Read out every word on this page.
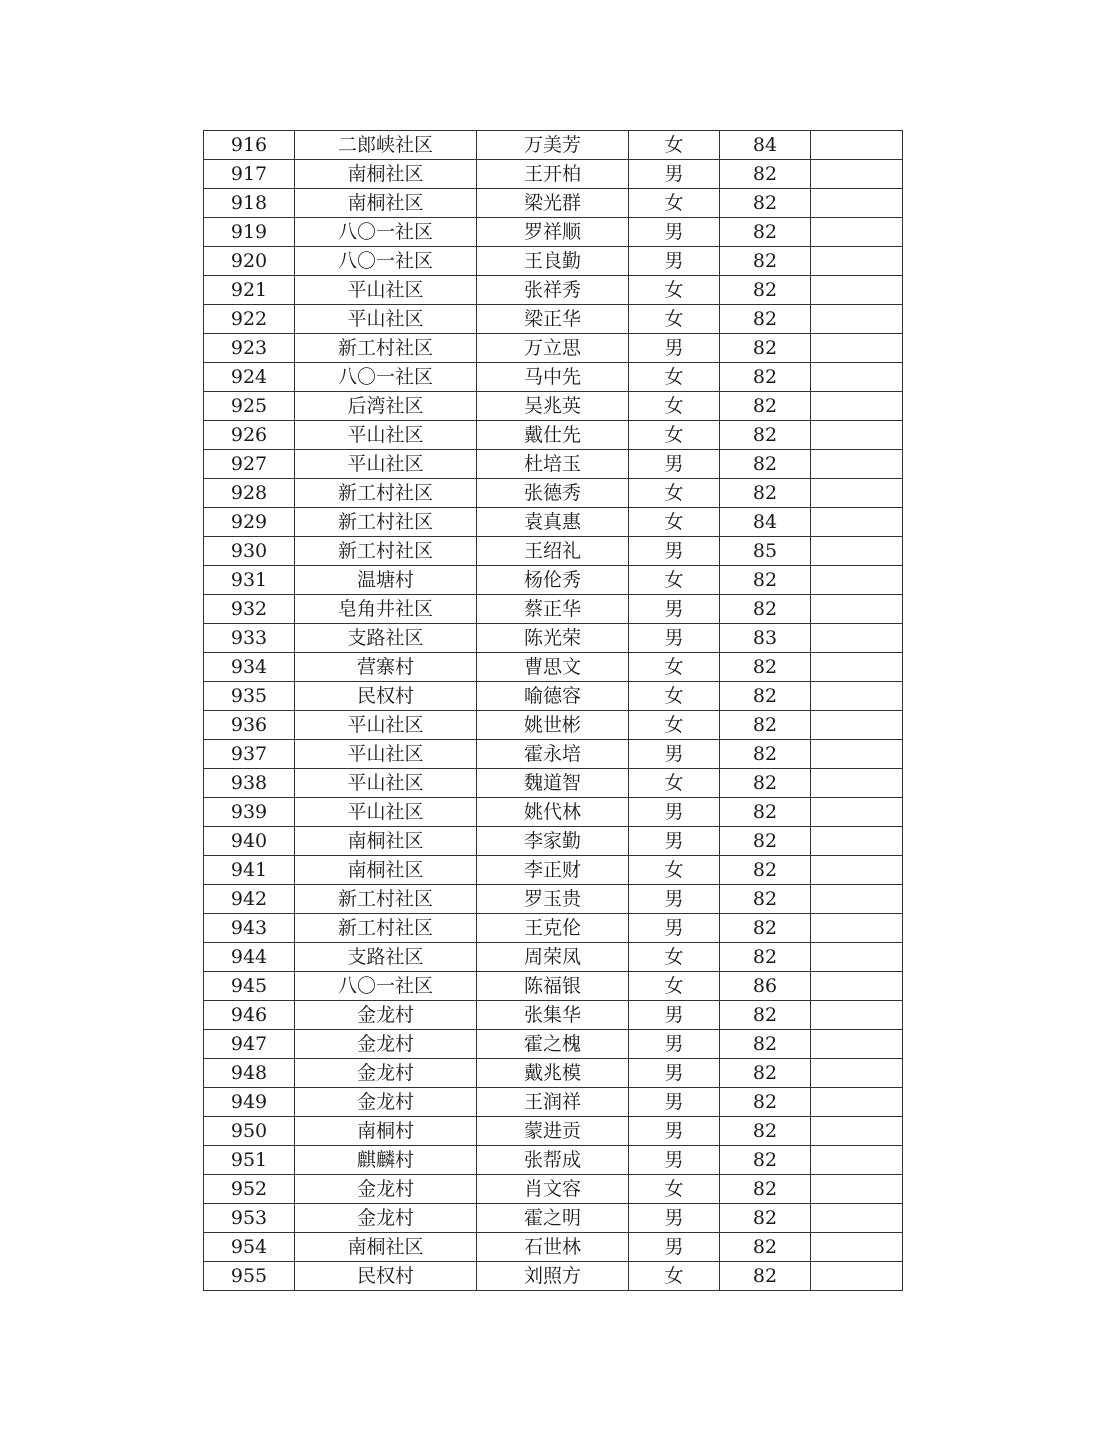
916	二郎峡社区	万美芳	女	84	
917	南桐社区	王开柏	男	82	
918	南桐社区	梁光群	女	82	
919	八〇一社区	罗祥顺	男	82	
920	八〇一社区	王良勤	男	82	
921	平山社区	张祥秀	女	82	
922	平山社区	梁正华	女	82	
923	新工村社区	万立思	男	82	
924	八〇一社区	马中先	女	82	
925	后湾社区	吴兆英	女	82	
926	平山社区	戴仕先	女	82	
927	平山社区	杜培玉	男	82	
928	新工村社区	张德秀	女	82	
929	新工村社区	袁真惠	女	84	
930	新工村社区	王绍礼	男	85	
931	温塘村	杨伦秀	女	82	
932	皂角井社区	蔡正华	男	82	
933	支路社区	陈光荣	男	83	
934	营寨村	曹思文	女	82	
935	民权村	喻德容	女	82	
936	平山社区	姚世彬	女	82	
937	平山社区	霍永培	男	82	
938	平山社区	魏道智	女	82	
939	平山社区	姚代林	男	82	
940	南桐社区	李家勤	男	82	
941	南桐社区	李正财	女	82	
942	新工村社区	罗玉贵	男	82	
943	新工村社区	王克伦	男	82	
944	支路社区	周荣凤	女	82	
945	八〇一社区	陈福银	女	86	
946	金龙村	张集华	男	82	
947	金龙村	霍之槐	男	82	
948	金龙村	戴兆模	男	82	
949	金龙村	王润祥	男	82	
950	南桐村	蒙进贡	男	82	
951	麒麟村	张帮成	男	82	
952	金龙村	肖文容	女	82	
953	金龙村	霍之明	男	82	
954	南桐社区	石世林	男	82	
955	民权村	刘照方	女	82	
